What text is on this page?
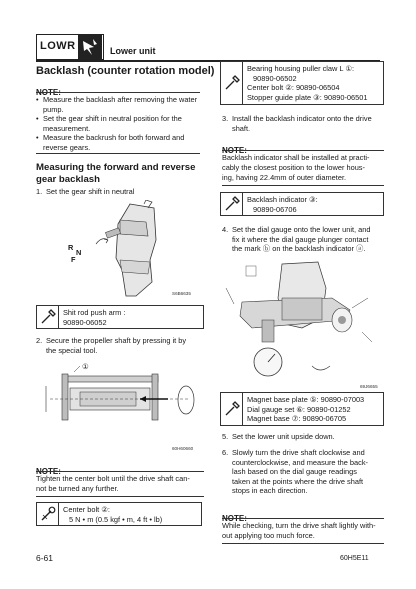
LOWR	Lower unit
Backlash (counter rotation model)
• Measure the backlash after removing the water pump.
• Set the gear shift in neutral position for the measurement.
• Measure the backrush for both forward and reverse gears.
Measuring the forward and reverse
gear backlash
1. Set the gear shift in neutral
R
N
F
S6B6635
Shit rod push arm :
90890-06052
2. Secure the propeller shaft by pressing it by
the special tool.
①
60H60660
Tighten the center bolt until the drive shaft can-
not be turned any further.
Center bolt ②:
5 N • m (0.5 kgf • m, 4 ft • lb)
Bearing housing puller claw L ①:
90890-06502
Center bolt ②: 90890-06504
Stopper guide plate ③: 90890-06501
3. Install the backlash indicator onto the drive
shaft.
Backlash indicator shall be installed at practi-
cably the closest position to the lower hous-
ing, having 22.4mm of outer diameter.
Backlash indicator ③:
90890-06706
4. Set the dial gauge onto the lower unit, and
fix it where the dial gauge plunger contact
the mark ⓑ on the backlash indicator ⓐ.
69J6655
Magnet base plate ⑤: 90890-07003
Dial gauge set ⑥: 90890-01252
Magnet base ⑦: 90890-06705
5. Set the lower unit upside down.
6. Slowly turn the drive shaft clockwise and
counterclockwise, and measure the back-
lash based on the dial gauge readings
taken at the points where the drive shaft
stops in each direction.
While checking, turn the drive shaft lightly with-
out applying too much force.
6-61	60H5E11
